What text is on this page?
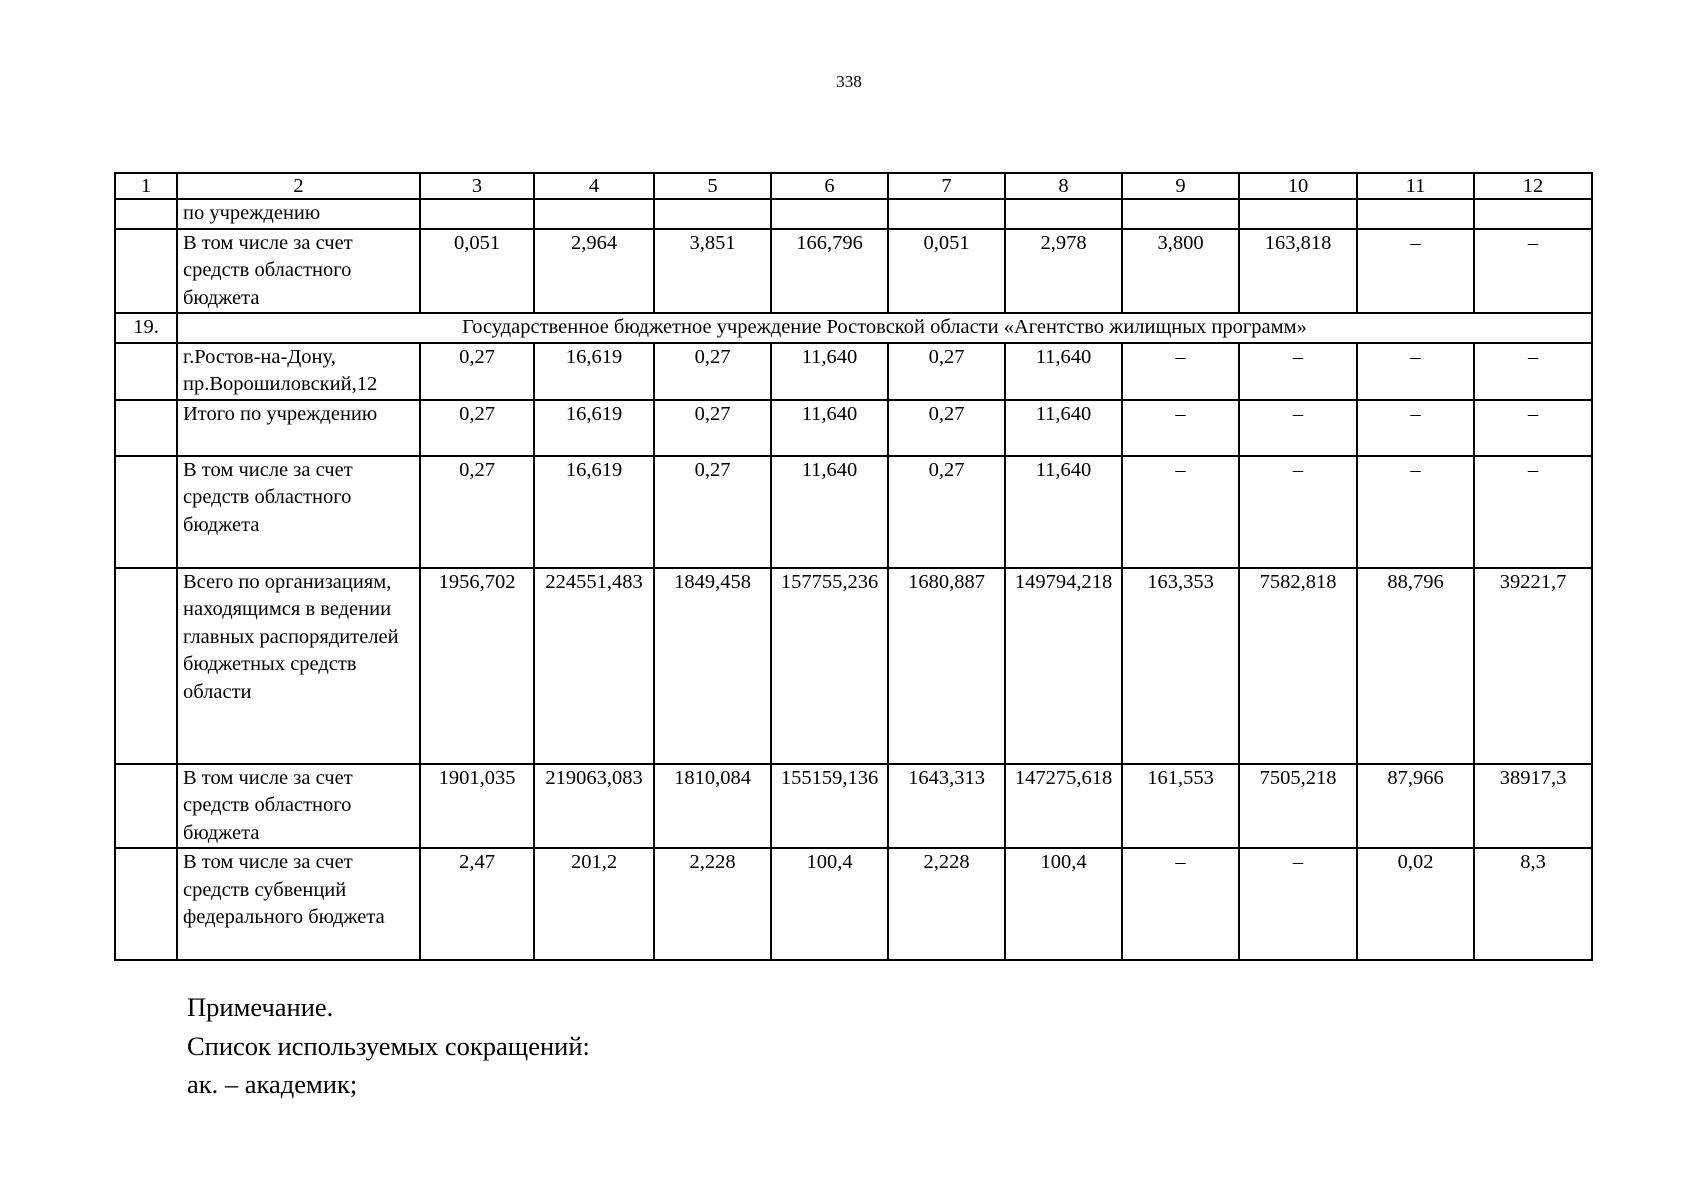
338
1	2	3	4	5	6	7	8	9	10	11	12
	по учреждению										
	В том числе за счет средств областного бюджета	0,051	2,964	3,851	166,796	0,051	2,978	3,800	163,818	–	–
19.	Государственное бюджетное учреждение Ростовской области «Агентство жилищных программ»										
	г.Ростов-на-Дону, пр.Ворошиловский,12	0,27	16,619	0,27	11,640	0,27	11,640	–	–	–	–
	Итого по учреждению	0,27	16,619	0,27	11,640	0,27	11,640	–	–	–	–
	В том числе за счет средств областного бюджета	0,27	16,619	0,27	11,640	0,27	11,640	–	–	–	–
	Всего по организациям, находящимся в ведении главных распорядителей бюджетных средств области	1956,702	224551,483	1849,458	157755,236	1680,887	149794,218	163,353	7582,818	88,796	39221,7
	В том числе за счет средств областного бюджета	1901,035	219063,083	1810,084	155159,136	1643,313	147275,618	161,553	7505,218	87,966	38917,3
	В том числе за счет средств субвенций федерального бюджета	2,47	201,2	2,228	100,4	2,228	100,4	–	–	0,02	8,3
Примечание.
Список используемых сокращений:
ак. – академик;
